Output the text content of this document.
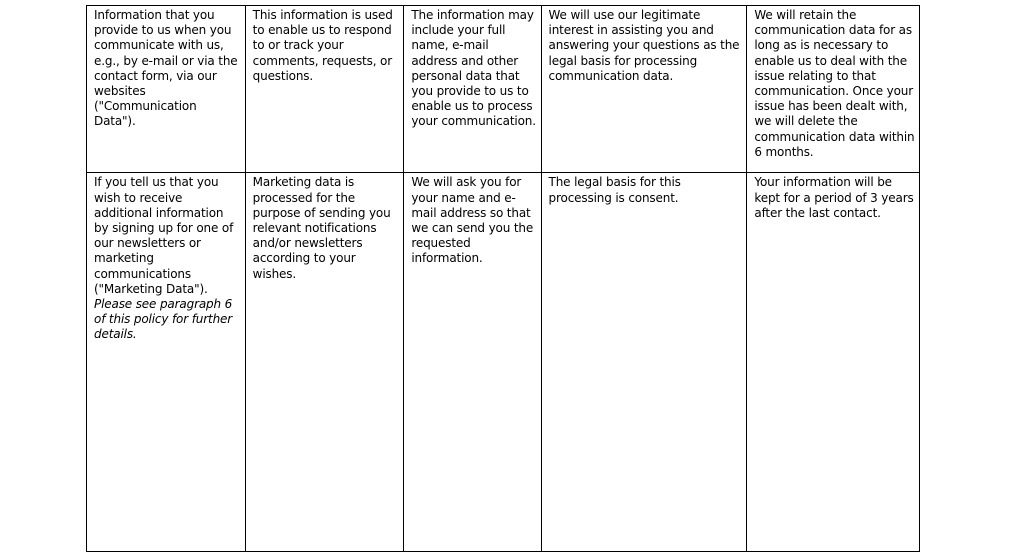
Information that you provide to us when you communicate with us, e.g., by e-mail or via the contact form, via our websites ("Communication Data").	This information is used to enable us to respond to or track your comments, requests, or questions.	The information may include your full name, e-mail address and other personal data that you provide to us to enable us to process your communication.	We will use our legitimate interest in assisting you and answering your questions as the legal basis for processing communication data.	We will retain the communication data for as long as is necessary to enable us to deal with the issue relating to that communication. Once your issue has been dealt with, we will delete the communication data within 6 months.
If you tell us that you wish to receive additional information by signing up for one of our newsletters or marketing communications ("Marketing Data"). Please see paragraph 6 of this policy for further details.	Marketing data is processed for the purpose of sending you relevant notifications and/or newsletters according to your wishes.	We will ask you for your name and e-mail address so that we can send you the requested information.	The legal basis for this processing is consent.	Your information will be kept for a period of 3 years after the last contact.
